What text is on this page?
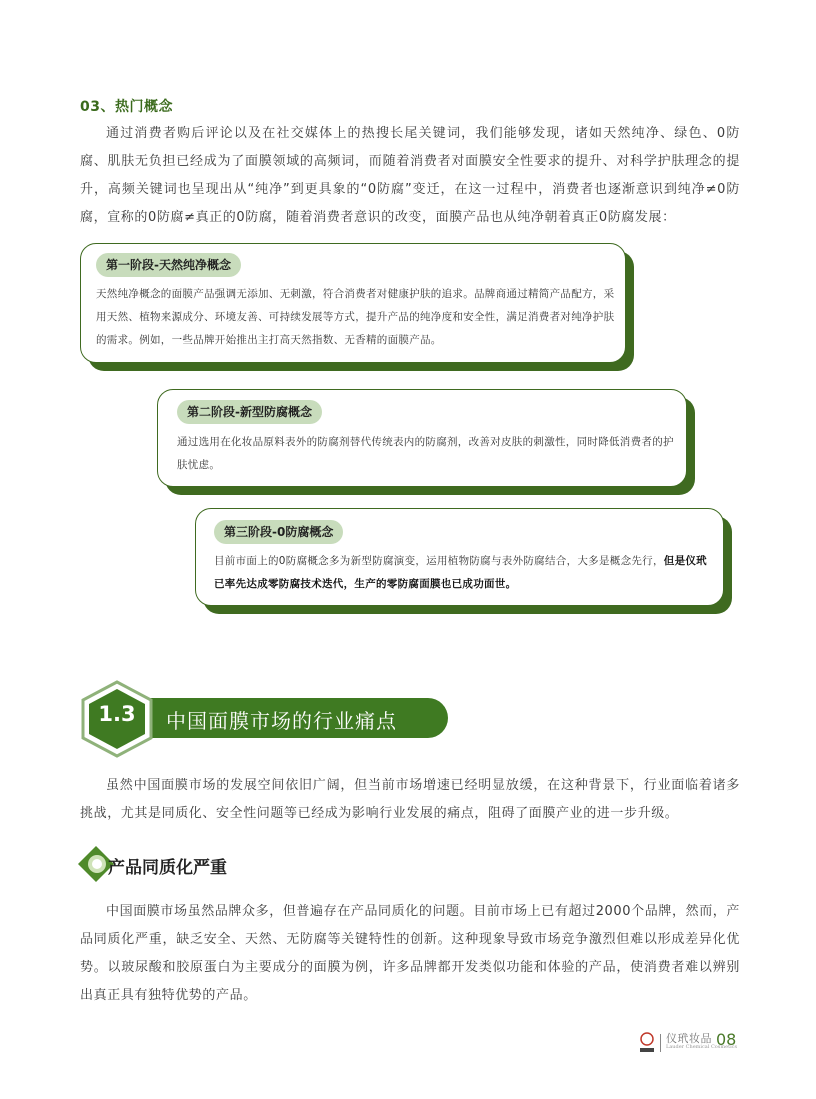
03、热门概念
通过消费者购后评论以及在社交媒体上的热搜长尾关键词，我们能够发现，诸如天然纯净、绿色、0防腐、肌肤无负担已经成为了面膜领域的高频词，而随着消费者对面膜安全性要求的提升、对科学护肤理念的提升，高频关键词也呈现出从“纯净”到更具象的“0防腐”变迁，在这一过程中，消费者也逐渐意识到纯净≠0防腐，宣称的0防腐≠真正的0防腐，随着消费者意识的改变，面膜产品也从纯净朝着真正0防腐发展：
第一阶段-天然纯净概念
天然纯净概念的面膜产品强调无添加、无刺激，符合消费者对健康护肤的追求。品牌商通过精简产品配方，采用天然、植物来源成分、环境友善、可持续发展等方式，提升产品的纯净度和安全性，满足消费者对纯净护肤的需求。例如，一些品牌开始推出主打高天然指数、无香精的面膜产品。
第二阶段-新型防腐概念
通过选用在化妆品原料表外的防腐剂替代传统表内的防腐剂，改善对皮肤的刺激性，同时降低消费者的护肤忧虑。
第三阶段-0防腐概念
目前市面上的0防腐概念多为新型防腐演变，运用植物防腐与表外防腐结合，大多是概念先行，但是仪玳已率先达成零防腐技术迭代，生产的零防腐面膜也已成功面世。
1.3	中国面膜市场的行业痛点
虽然中国面膜市场的发展空间依旧广阔，但当前市场增速已经明显放缓，在这种背景下，行业面临着诸多挑战，尤其是同质化、安全性问题等已经成为影响行业发展的痛点，阻碍了面膜产业的进一步升级。
产品同质化严重
中国面膜市场虽然品牌众多，但普遍存在产品同质化的问题。目前市场上已有超过2000个品牌，然而，产品同质化严重，缺乏安全、天然、无防腐等关键特性的创新。这种现象导致市场竞争激烈但难以形成差异化优势。以玻尿酸和胶原蛋白为主要成分的面膜为例，许多品牌都开发类似功能和体验的产品，使消费者难以辨别出真正具有独特优势的产品。
仪玳妆品
Lauder Chemical Cosmetics
08
